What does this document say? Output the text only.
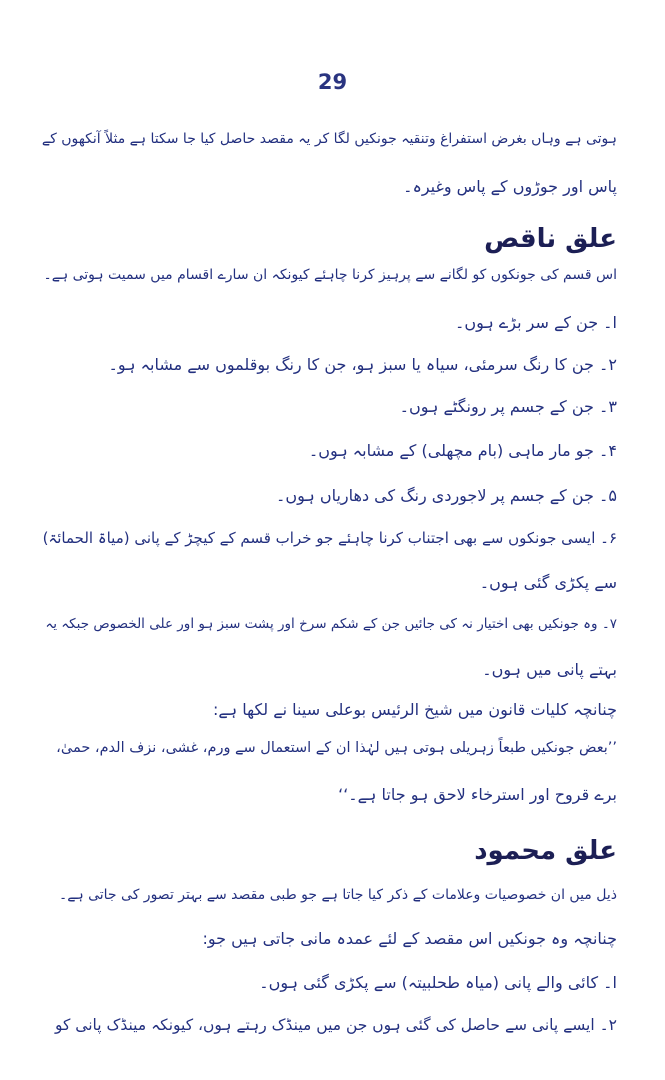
29
ہوتی ہے وہاں بغرض استفراغ وتنقیہ جونکیں لگا کر یہ مقصد حاصل کیا جا سکتا ہے مثلاً آنکھوں کے
پاس اور جوڑوں کے پاس وغیرہ۔
علق ناقص
اس قسم کی جونکوں کو لگانے سے پرہیز کرنا چاہئے کیونکہ ان سارے اقسام میں سمیت ہوتی ہے۔
ا۔ جن کے سر بڑے ہوں۔
۲۔ جن کا رنگ سرمئی، سیاہ یا سبز ہو، جن کا رنگ بوقلموں سے مشابہ ہو۔
۳۔ جن کے جسم پر رونگٹے ہوں۔
۴۔ جو مار ماہی (بام مچھلی) کے مشابہ ہوں۔
۵۔ جن کے جسم پر لاجوردی رنگ کی دھاریاں ہوں۔
۶۔ ایسی جونکوں سے بھی اجتناب کرنا چاہئے جو خراب قسم کے کیچڑ کے پانی (میاۃ الحمائۃ)
سے پکڑی گئی ہوں۔
۷۔ وہ جونکیں بھی اختیار نہ کی جائیں جن کے شکم سرخ اور پشت سبز ہو اور علی الخصوص جبکہ یہ
بہتے پانی میں ہوں۔
چنانچہ کلیات قانون میں شیخ الرئیس بوعلی سینا نے لکھا ہے:
’’بعض جونکیں طبعاً زہریلی ہوتی ہیں لہٰذا ان کے استعمال سے ورم، غشی، نزف الدم، حمیٰ،
برے قروح اور استرخاء لاحق ہو جاتا ہے۔‘‘
علق محمود
ذیل میں ان خصوصیات وعلامات کے ذکر کیا جاتا ہے جو طبی مقصد سے بہتر تصور کی جاتی ہے۔
چنانچہ وہ جونکیں اس مقصد کے لئے عمدہ مانی جاتی ہیں جو:
ا۔ کائی والے پانی (میاہ طحلبیتہ) سے پکڑی گئی ہوں۔
۲۔ ایسے پانی سے حاصل کی گئی ہوں جن میں مینڈک رہتے ہوں، کیونکہ مینڈک پانی کو
